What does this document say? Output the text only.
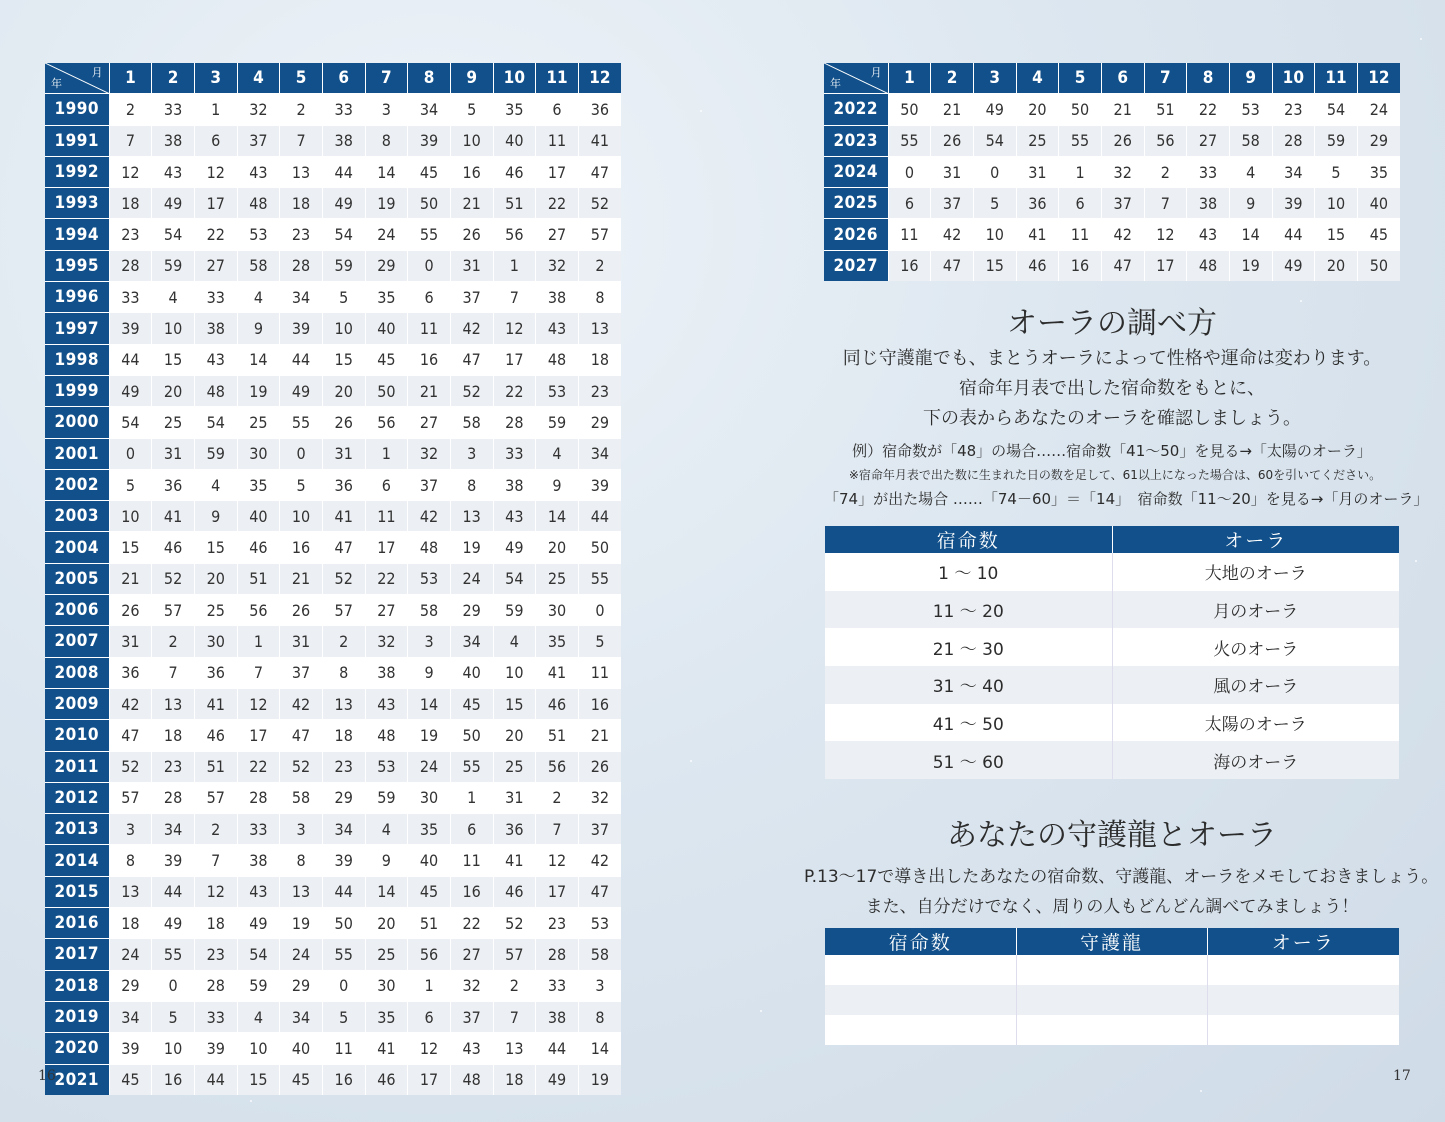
月
年	1	2	3	4	5	6	7	8	9	10	11	12
1990	2	33	1	32	2	33	3	34	5	35	6	36
1991	7	38	6	37	7	38	8	39	10	40	11	41
1992	12	43	12	43	13	44	14	45	16	46	17	47
1993	18	49	17	48	18	49	19	50	21	51	22	52
1994	23	54	22	53	23	54	24	55	26	56	27	57
1995	28	59	27	58	28	59	29	0	31	1	32	2
1996	33	4	33	4	34	5	35	6	37	7	38	8
1997	39	10	38	9	39	10	40	11	42	12	43	13
1998	44	15	43	14	44	15	45	16	47	17	48	18
1999	49	20	48	19	49	20	50	21	52	22	53	23
2000	54	25	54	25	55	26	56	27	58	28	59	29
2001	0	31	59	30	0	31	1	32	3	33	4	34
2002	5	36	4	35	5	36	6	37	8	38	9	39
2003	10	41	9	40	10	41	11	42	13	43	14	44
2004	15	46	15	46	16	47	17	48	19	49	20	50
2005	21	52	20	51	21	52	22	53	24	54	25	55
2006	26	57	25	56	26	57	27	58	29	59	30	0
2007	31	2	30	1	31	2	32	3	34	4	35	5
2008	36	7	36	7	37	8	38	9	40	10	41	11
2009	42	13	41	12	42	13	43	14	45	15	46	16
2010	47	18	46	17	47	18	48	19	50	20	51	21
2011	52	23	51	22	52	23	53	24	55	25	56	26
2012	57	28	57	28	58	29	59	30	1	31	2	32
2013	3	34	2	33	3	34	4	35	6	36	7	37
2014	8	39	7	38	8	39	9	40	11	41	12	42
2015	13	44	12	43	13	44	14	45	16	46	17	47
2016	18	49	18	49	19	50	20	51	22	52	23	53
2017	24	55	23	54	24	55	25	56	27	57	28	58
2018	29	0	28	59	29	0	30	1	32	2	33	3
2019	34	5	33	4	34	5	35	6	37	7	38	8
2020	39	10	39	10	40	11	41	12	43	13	44	14
2021	45	16	44	15	45	16	46	17	48	18	49	19
16
月
年	1	2	3	4	5	6	7	8	9	10	11	12
2022	50	21	49	20	50	21	51	22	53	23	54	24
2023	55	26	54	25	55	26	56	27	58	28	59	29
2024	0	31	0	31	1	32	2	33	4	34	5	35
2025	6	37	5	36	6	37	7	38	9	39	10	40
2026	11	42	10	41	11	42	12	43	14	44	15	45
2027	16	47	15	46	16	47	17	48	19	49	20	50
オーラの調べ方
同じ守護龍でも、まとうオーラによって性格や運命は変わります。
宿命年月表で出した宿命数をもとに、
下の表からあなたのオーラを確認しましょう。
例）宿命数が「48」の場合……宿命数「41～50」を見る→「太陽のオーラ」
※宿命年月表で出た数に生まれた日の数を足して、61以上になった場合は、60を引いてください。
「74」が出た場合 ……「74－60」＝「14」　宿命数「11～20」を見る→「月のオーラ」
宿命数	オーラ
1 ～ 10	大地のオーラ
11 ～ 20	月のオーラ
21 ～ 30	火のオーラ
31 ～ 40	風のオーラ
41 ～ 50	太陽のオーラ
51 ～ 60	海のオーラ
あなたの守護龍とオーラ
P.13～17で導き出したあなたの宿命数、守護龍、オーラをメモしておきましょう。
また、自分だけでなく、周りの人もどんどん調べてみましょう！
宿命数	守護龍	オーラ

17
